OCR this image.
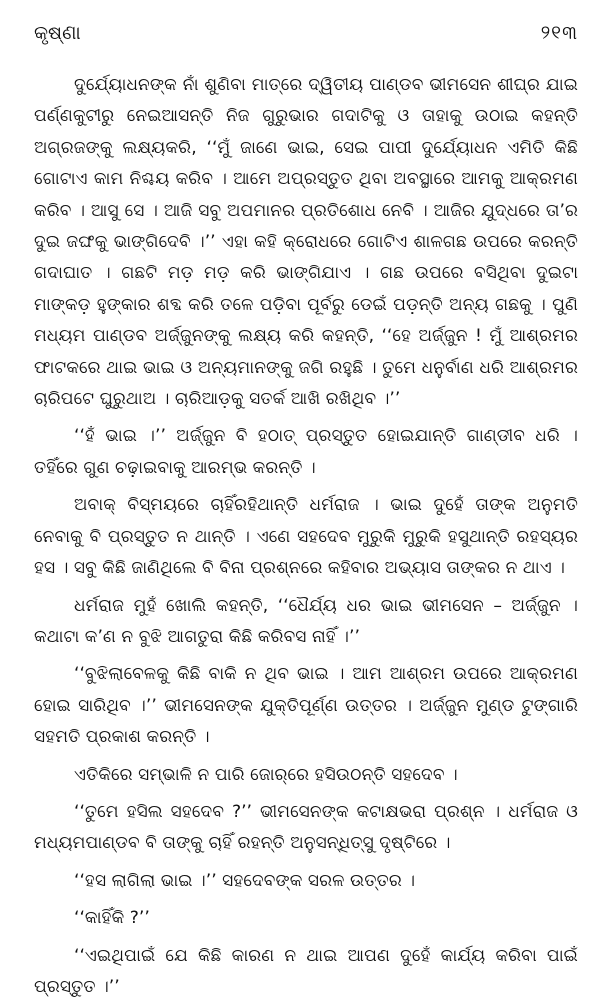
କୃଷ୍ଣା	୨୧୩

ଦୁର୍ଯ୍ୟୋଧନଙ୍କ ନାଁ ଶୁଣିବା ମାତ୍ରେ ଦ୍ୱିତୀୟ ପାଣ୍ଡବ ଭୀମସେନ ଶୀଘ୍ର ଯାଇ ପର୍ଣ୍ଣକୁଟୀରୁ ନେଇଆସନ୍ତି ନିଜ ଗୁରୁଭାର ଗଦାଟିକୁ ଓ ତାହାକୁ ଉଠାଇ କହନ୍ତି ଅଗ୍ରଜଙ୍କୁ ଲକ୍ଷ୍ୟକରି, ‘‘ମୁଁ ଜାଣେ ଭାଇ, ସେଇ ପାପୀ ଦୁର୍ଯ୍ୟୋଧନ ଏମିତି କିଛି ଗୋଟାଏ କାମ ନିଶ୍ଚୟ କରିବ । ଆମେ ଅପ୍ରସ୍ତୁତ ଥିବା ଅବସ୍ଥାରେ ଆମକୁ ଆକ୍ରମଣ କରିବ । ଆସୁ ସେ । ଆଜି ସବୁ ଅପମାନର ପ୍ରତିଶୋଧ ନେବି । ଆଜିର ଯୁଦ୍ଧରେ ତା’ର ଦୁଇ ଜଙ୍ଘକୁ ଭାଙ୍ଗିଦେବି ।’’ ଏହା କହି କ୍ରୋଧରେ ଗୋଟିଏ ଶାଳଗଛ ଉପରେ କରନ୍ତି ଗଦାଘାତ । ଗଛଟି ମଡ଼ ମଡ଼ କରି ଭାଙ୍ଗିଯାଏ । ଗଛ ଉପରେ ବସିଥିବା ଦୁଇଟା ମାଙ୍କଡ଼ ହୁଙ୍କାର ଶବ୍ଦ କରି ତଳେ ପଡ଼ିବା ପୂର୍ବରୁ ଡେଇଁ ପଡ଼ନ୍ତି ଅନ୍ୟ ଗଛକୁ । ପୁଣି ମଧ୍ୟମ ପାଣ୍ଡବ ଅର୍ଜ୍ଜୁନଙ୍କୁ ଲକ୍ଷ୍ୟ କରି କହନ୍ତି, ‘‘ହେ ଅର୍ଜ୍ଜୁନ ! ମୁଁ ଆଶ୍ରମର ଫାଟକରେ ଥାଇ ଭାଇ ଓ ଅନ୍ୟମାନଙ୍କୁ ଜଗି ରହୁଛି । ତୁମେ ଧନୁର୍ବାଣ ଧରି ଆଶ୍ରମର ଚାରିପଟେ ଘୁରୁଥାଅ । ଚାରିଆଡ଼କୁ ସତର୍କ ଆଖି ରଖିଥିବ ।’’

‘‘ହଁ ଭାଇ ।’’ ଅର୍ଜ୍ଜୁନ ବି ହଠାତ୍ ପ୍ରସ୍ତୁତ ହୋଇଯାନ୍ତି ଗାଣ୍ଡୀବ ଧରି । ତହିଁରେ ଗୁଣ ଚଢ଼ାଇବାକୁ ଆରମ୍ଭ କରନ୍ତି ।

ଅବାକ୍ ବିସ୍ମୟରେ ଚାହିଁରହିଥାନ୍ତି ଧର୍ମରାଜ । ଭାଇ ଦୁହେଁ ତାଙ୍କ ଅନୁମତି ନେବାକୁ ବି ପ୍ରସ୍ତୁତ ନ ଥାନ୍ତି । ଏଣେ ସହଦେବ ମୁରୁକି ମୁରୁକି ହସୁଥାନ୍ତି ରହସ୍ୟର ହସ । ସବୁ କିଛି ଜାଣିଥିଲେ ବି ବିନା ପ୍ରଶ୍ନରେ କହିବାର ଅଭ୍ୟାସ ତାଙ୍କର ନ ଥାଏ ।

ଧର୍ମରାଜ ମୁହଁ ଖୋଲି କହନ୍ତି, ‘‘ଧୈର୍ଯ୍ୟ ଧର ଭାଇ ଭୀମସେନ – ଅର୍ଜ୍ଜୁନ । କଥାଟା କ’ଣ ନ ବୁଝି ଆଗତୁରା କିଛି କରିବସ ନାହିଁ ।’’

‘‘ବୁଝିଲାବେଳକୁ କିଛି ବାକି ନ ଥିବ ଭାଇ । ଆମ ଆଶ୍ରମ ଉପରେ ଆକ୍ରମଣ ହୋଇ ସାରିଥିବ ।’’ ଭୀମସେନଙ୍କ ଯୁକ୍ତିପୂର୍ଣ୍ଣ ଉତ୍ତର । ଅର୍ଜ୍ଜୁନ ମୁଣ୍ଡ ଟୁଙ୍ଗାରି ସହମତି ପ୍ରକାଶ କରନ୍ତି ।

ଏତିକିରେ ସମ୍ଭାଳି ନ ପାରି ଜୋର୍‌ରେ ହସିଉଠନ୍ତି ସହଦେବ ।

‘‘ତୁମେ ହସିଲ ସହଦେବ ?’’ ଭୀମସେନଙ୍କ କଟାକ୍ଷଭରା ପ୍ରଶ୍ନ । ଧର୍ମରାଜ ଓ ମଧ୍ୟମପାଣ୍ଡବ ବି ତାଙ୍କୁ ଚାହିଁ ରହନ୍ତି ଅନୁସନ୍ଧିତ୍ସୁ ଦୃଷ୍ଟିରେ ।

‘‘ହସ ଲାଗିଲା ଭାଇ ।’’ ସହଦେବଙ୍କ ସରଳ ଉତ୍ତର ।

‘‘କାହିଁକି ?’’

‘‘ଏଇଥିପାଇଁ ଯେ କିଛି କାରଣ ନ ଥାଇ ଆପଣ ଦୁହେଁ କାର୍ଯ୍ୟ କରିବା ପାଇଁ ପ୍ରସ୍ତୁତ ।’’
